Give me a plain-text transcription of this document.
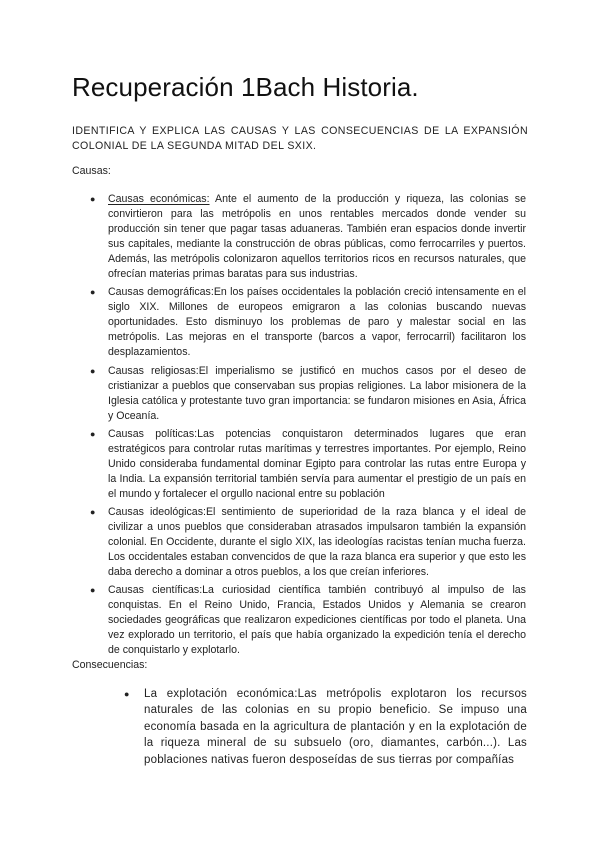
Recuperación 1Bach Historia.

IDENTIFICA Y EXPLICA LAS CAUSAS Y LAS CONSECUENCIAS DE LA EXPANSIÓN COLONIAL DE LA SEGUNDA MITAD DEL SXIX.

Causas:

● Causas económicas: Ante el aumento de la producción y riqueza, las colonias se convirtieron para las metrópolis en unos rentables mercados donde vender su producción sin tener que pagar tasas aduaneras. También eran espacios donde invertir sus capitales, mediante la construcción de obras públicas, como ferrocarriles y puertos. Además, las metrópolis colonizaron aquellos territorios ricos en recursos naturales, que ofrecían materias primas baratas para sus industrias.
● Causas demográficas:En los países occidentales la población creció intensamente en el siglo XIX. Millones de europeos emigraron a las colonias buscando nuevas oportunidades. Esto disminuyo los problemas de paro y malestar social en las metrópolis. Las mejoras en el transporte (barcos a vapor, ferrocarril) facilitaron los desplazamientos.
● Causas religiosas:El imperialismo se justificó en muchos casos por el deseo de cristianizar a pueblos que conservaban sus propias religiones. La labor misionera de la Iglesia católica y protestante tuvo gran importancia: se fundaron misiones en Asia, África y Oceanía.
● Causas políticas:Las potencias conquistaron determinados lugares que eran estratégicos para controlar rutas marítimas y terrestres importantes. Por ejemplo, Reino Unido consideraba fundamental dominar Egipto para controlar las rutas entre Europa y la India. La expansión territorial también servía para aumentar el prestigio de un país en el mundo y fortalecer el orgullo nacional entre su población
● Causas ideológicas:El sentimiento de superioridad de la raza blanca y el ideal de civilizar a unos pueblos que consideraban atrasados impulsaron también la expansión colonial. En Occidente, durante el siglo XIX, las ideologías racistas tenían mucha fuerza. Los occidentales estaban convencidos de que la raza blanca era superior y que esto les daba derecho a dominar a otros pueblos, a los que creían inferiores.
● Causas científicas:La curiosidad científica también contribuyó al impulso de las conquistas. En el Reino Unido, Francia, Estados Unidos y Alemania se crearon sociedades geográficas que realizaron expediciones científicas por todo el planeta. Una vez explorado un territorio, el país que había organizado la expedición tenía el derecho de conquistarlo y explotarlo.

Consecuencias:

● La explotación económica:Las metrópolis explotaron los recursos naturales de las colonias en su propio beneficio. Se impuso una economía basada en la agricultura de plantación y en la explotación de la riqueza mineral de su subsuelo (oro, diamantes, carbón...). Las poblaciones nativas fueron desposeídas de sus tierras por compañías
